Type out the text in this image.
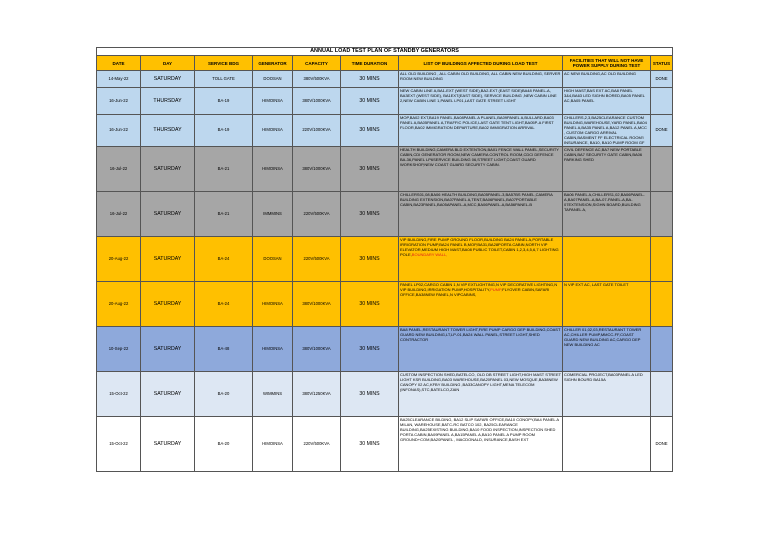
ANNUAL LOAD TEST PLAN OF STANDBY GENERATORS								
DATE	DAY	SERVICE BDG	GENERATOR	CAPACITY	TIME DURATION	LIST OF BUILDINGS AFFECTED DURING LOAD TEST	FACILITIES THAT WILL NOT HAVE POWER SUPPLY DURING TEST	STATUS
14-May-22	SATURDAY	TOLL GATE	DOOSAN	380V/500KVA	30 MINS	ALL OLD BUILDING , ALL CABIN OLD BUILDING, ALL CABIN NEW BUILDING, SERVER ROOM NEW BUILDING	AC NEW BUILDING,AC OLD BUILDING	DONE
16-Jun-22	THURSDAY	BA-19	HIMOINSA	380V/1000KVA	30 MINS	NEW CABIN LINE A,BA1-EXT (WEST SIDE),BA2-EXT (EAST SIDE)BA48 PANEL-A, BA3EXT (WEST SIDE), BA1EXT(EAST SIDE), SERVICE BUILDING ,NEW CABIN LINE 2,NEW CABIN LINE 1,PANEL LP01,LAST GATE STREET LIGHT	HIGH MAST,BAS EXT AC,BA8 PANEL 3&4,BA63 LED SIGHN BORED,BA05 PANEL AC,BA05 PANEL	
16-Jun-22	THURSDAY	BA-19	HIMOINSA	220V/1000KVA	30 MINS	MOP,BA02 EXT,BA19 PANEL,BA08PANEL A PLANEL,BA09PANEL A,BULLARD,BA03 PANEL A,BA05PANEL A,TRAFFIC POLICE,LAST GATE TENT LIGHT,BA05P-A FIRST FLOOR,BA02 IMMIGRATION DEPARTURE,BA02 IMMIGRATION ARRIVAL	CHILLERS,2,3,BA25CLEARANCE CUSTOM BUILDING,WAREHOUSE,YARD PANEL,BA04 PANEL A,BA35 PANEL A,BA12 PANEL A,MCC , CUSTOM CARGO ARRIVAL CABIN,BASMENT FF ELECTRICAL ROOM'I INSURANCE, BA10, BA10 PUMP ROOM GF	DONE
16-Jul-22	SATURDAY	BA-21	HIMOINSA	380V/1000KVA	30 MINS	HEALTH BUILDING,CAMERA BLD EXTENTION,BA01 FENCE WALL PANEL,SECURITY CABIN,CDI GENERATOR ROOM,NEW CAMERA CONTROL ROOM,CDCI DEFENCE BA-36,PANEL LP6SERVICE BUILDING 06,STREET LIGHT,COAST GUARD WORKSHOP,NEW COAST GUARD SECURITY CABIN.	CIVIL DEFENCE AC,BA7 NEW PORTABLE CABIN,BA7 SECURITY GATE CABIN,BA06 PARKING SHED	
16-Jul-22	SATURDAY	BA-21	IMMMINS	220V/500KVA	30 MINS	CHILLERS01,08,BA06 HEALTH BUILDING,BA05PANEL-3,BA57BS PANEL,CAMERA BUILDING EXTENSION,BA07PANEL A,TENT,BA06PANEL,BA07PORTABLE CABIN,BA23PANEL,BA05APANEL-A,MCC,BA06PANEL-A,BA56PANEL-B	BA06 PANEL A,CHILLERS1,02,BA06PANEL-A,BA07PANEL-A,BA-07-PANEL-A,BA-07EXTENSION,SIGHN BOARD,BUILDING TAPANEL A,	
20-Aug-22	SATURDAY	BA-24	DOOSAN	220V/500KVA	30 MINS	VIP BUILDING,FIRE PUMP GROUND FLOOR,BUILDING BA24 PANEL A,PORTABLE IRRIGRATION PUMP,BA24 PANEL B,MOP,BA31,BA28PORTA CABIN,NORTH VIP ELEVATOR,MEDIUM HIGH MAST,BA08 PUBLIC TOILET,CABIN 1,2,3,4,5,6,7 LIGHTING POLE,BOUNDARY WALL,		
20-Aug-22	SATURDAY	BA-24	HIMOINSA	380V/1000KVA	30 MINS	PANEL LP02,CARGO CABIN 1,N VIP EXTLIGHTING,N VIP DECORATIVE LIGHTING,N VIP BUILDING,IRRIGATION PUMP,HOSPITALITY,PUMP,FLYOVER CABIN,SAFARI OFFICE,BA38NEW PANEL,N VIPCABINS,	N VIP EXT AC, LAST GATE TOILET	
10-Sep-22	SATURDAY	BA-48	HIMOINSA	380V/1000KVA	30 MINS	BA8 PANEL,RESTAURANT TOWER LIGHT,FIRE PUMP CARGO DEP BUILDING,COAST GUARD NEW BUILDING,LT,LP-01,BA24 WALL PANEL,STREET LIGHT,SHED CONTRACTOR	CHILLER 01,02,03,RESTAURANT TOWER AC,CHILLER PUMP,MMCC-FF,COAST GUARD NEW BUILDING AC,CARGO DEP NEW BUILDING AC	
15-Oct-22	SATURDAY	BA-20	WIMMINS	380V/1250KVA	30 MINS	CUSTOM INSPECTION SHED,BATELCO, OLD DB STREET LIGHT,HIGH MAST STREET LIGHT KSR BUILDING,BA03 WAREHOUSE,BA20PANEL 03,NEW MOSQUE,BA38NEW CANOPY 02 AC,KFBY BUILDING ,BA33CANOPY LIGHT,MENA TELECOM (INFONAS),STC,BATELCO,ZAIN	COMERCIAL PROJECT,BA03PANEL A LED SIGHN BOURD BA15A	
15-Oct-22	SATURDAY	BA-20	HIMOINSA	220V/500KVA	30 MINS	BA25CLEARANCE BILDING, BA12 SLIP SAFARI OFFICE,BA10 CONOPY,BA4 PANEL A MILAN, WAREHOUSE,BATC-RC BATCO 102, BA25CLEARANCE BUILDING,BA25EXISTING BUILDING,BA10 FOOD INSPECTION,INSPECTION SHED PORTA CABIN,BA09PANEL A,BA15PANEL A,BA10 PANEL A PUMP ROOM GROUND+COM,BA20PANEL , MACDONALD, INSURANCE,BASH EXT		DONE
